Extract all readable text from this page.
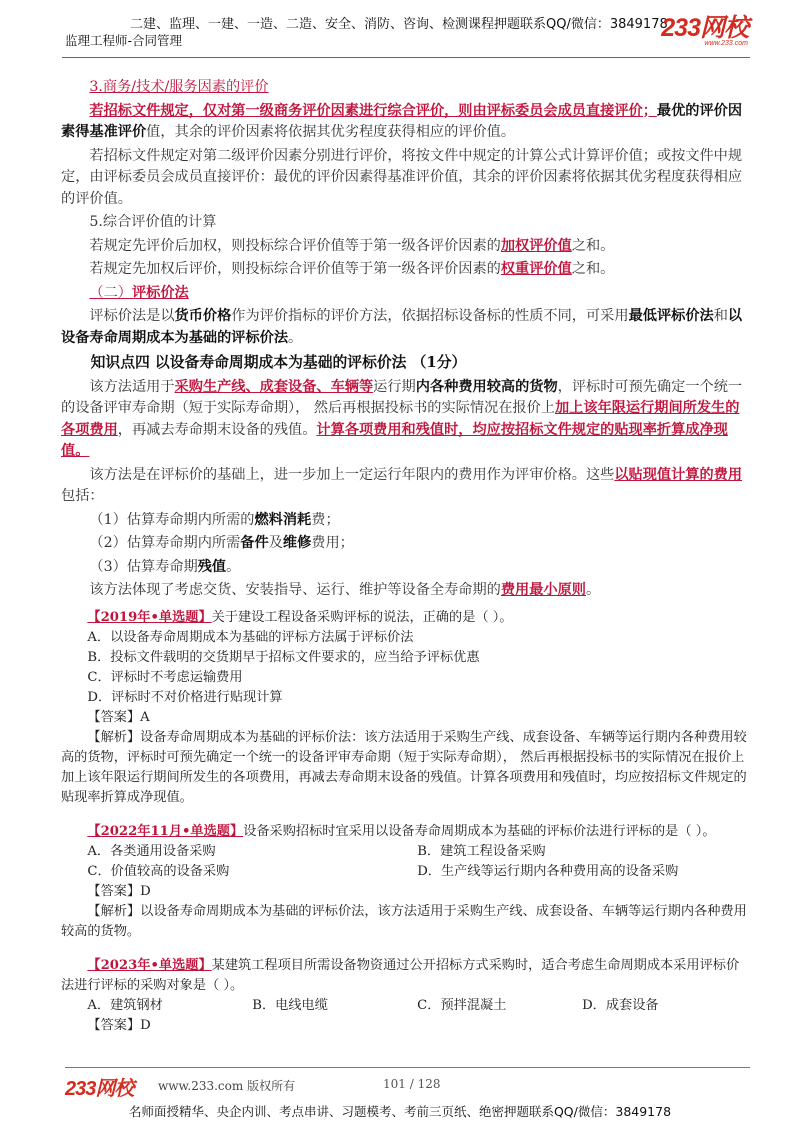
二建、监理、一建、一造、二造、安全、消防、咨询、检测课程押题联系QQ/微信：3849178
监理工程师-合同管理	233网校
www.233.com

3.商务/技术/服务因素的评价

若招标文件规定，仅对第一级商务评价因素进行综合评价，则由评标委员会成员直接评价；最优的评价因素得基准评价值，其余的评价因素将依据其优劣程度获得相应的评价值。

若招标文件规定对第二级评价因素分别进行评价，将按文件中规定的计算公式计算评价值；或按文件中规定，由评标委员会成员直接评价：最优的评价因素得基准评价值，其余的评价因素将依据其优劣程度获得相应的评价值。

5.综合评价值的计算

若规定先评价后加权，则投标综合评价值等于第一级各评价因素的加权评价值之和。

若规定先加权后评价，则投标综合评价值等于第一级各评价因素的权重评价值之和。

（二）评标价法

评标价法是以货币价格作为评价指标的评价方法，依据招标设备标的性质不同，可采用最低评标价法和以设备寿命周期成本为基础的评标价法。

知识点四 以设备寿命周期成本为基础的评标价法 （1分）

该方法适用于采购生产线、成套设备、车辆等运行期内各种费用较高的货物，评标时可预先确定一个统一的设备评审寿命期（短于实际寿命期）， 然后再根据投标书的实际情况在报价上加上该年限运行期间所发生的各项费用，再减去寿命期末设备的残值。计算各项费用和残值时，均应按招标文件规定的贴现率折算成净现值。

该方法是在评标价的基础上，进一步加上一定运行年限内的费用作为评审价格。这些以贴现值计算的费用包括：

（1）估算寿命期内所需的燃料消耗费；

（2）估算寿命期内所需备件及维修费用；

（3）估算寿命期残值。

该方法体现了考虑交货、安装指导、运行、维护等设备全寿命期的费用最小原则。

【2019年•单选题】关于建设工程设备采购评标的说法，正确的是（ ）。

A．以设备寿命周期成本为基础的评标方法属于评标价法
B．投标文件载明的交货期早于招标文件要求的，应当给予评标优惠
C．评标时不考虑运输费用
D．评标时不对价格进行贴现计算

【答案】A

【解析】设备寿命周期成本为基础的评标价法：该方法适用于采购生产线、成套设备、车辆等运行期内各种费用较高的货物，评标时可预先确定一个统一的设备评审寿命期（短于实际寿命期）， 然后再根据投标书的实际情况在报价上加上该年限运行期间所发生的各项费用，再减去寿命期末设备的残值。计算各项费用和残值时，均应按招标文件规定的贴现率折算成净现值。

【2022年11月•单选题】设备采购招标时宜采用以设备寿命周期成本为基础的评标价法进行评标的是（ ）。

A．各类通用设备采购	B．建筑工程设备采购
C．价值较高的设备采购	D．生产线等运行期内各种费用高的设备采购

【答案】D

【解析】以设备寿命周期成本为基础的评标价法，该方法适用于采购生产线、成套设备、车辆等运行期内各种费用较高的货物。

【2023年•单选题】某建筑工程项目所需设备物资通过公开招标方式采购时，适合考虑生命周期成本采用评标价法进行评标的采购对象是（ ）。

A．建筑钢材	B．电线电缆	C．预拌混凝土	D．成套设备

【答案】D

233网校 www.233.com 版权所有	101 / 128
名师面授精华、央企内训、考点串讲、习题模考、考前三页纸、绝密押题联系QQ/微信：3849178
